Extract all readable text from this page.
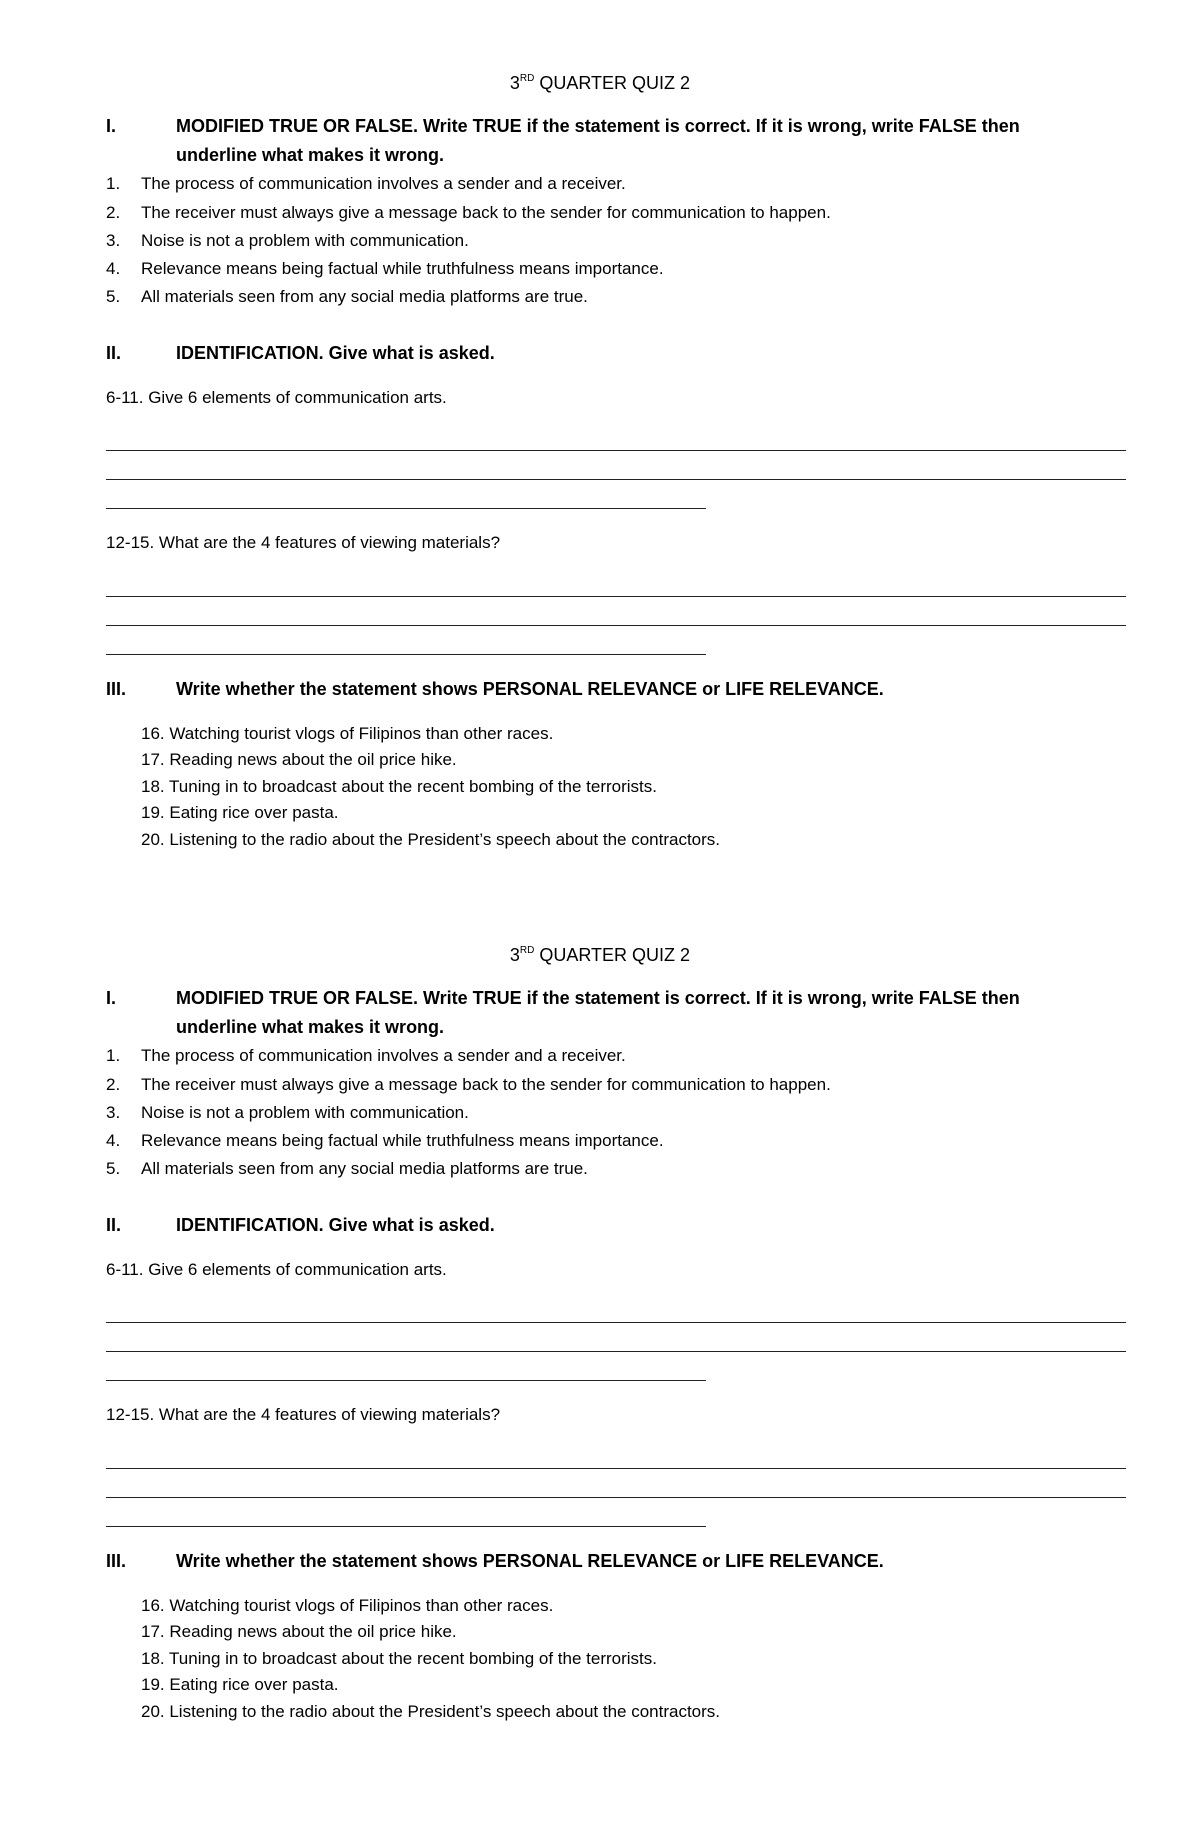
3RD QUARTER QUIZ 2
I.	MODIFIED TRUE OR FALSE. Write TRUE if the statement is correct. If it is wrong, write FALSE then
underline what makes it wrong.
1. The process of communication involves a sender and a receiver.
2. The receiver must always give a message back to the sender for communication to happen.
3. Noise is not a problem with communication.
4. Relevance means being factual while truthfulness means importance.
5. All materials seen from any social media platforms are true.
II.	IDENTIFICATION. Give what is asked.
6-11. Give 6 elements of communication arts.
12-15. What are the 4 features of viewing materials?
III.	Write whether the statement shows PERSONAL RELEVANCE or LIFE RELEVANCE.
16. Watching tourist vlogs of Filipinos than other races.
17. Reading news about the oil price hike.
18. Tuning in to broadcast about the recent bombing of the terrorists.
19. Eating rice over pasta.
20. Listening to the radio about the President’s speech about the contractors.
3RD QUARTER QUIZ 2
I.	MODIFIED TRUE OR FALSE. Write TRUE if the statement is correct. If it is wrong, write FALSE then
underline what makes it wrong.
1. The process of communication involves a sender and a receiver.
2. The receiver must always give a message back to the sender for communication to happen.
3. Noise is not a problem with communication.
4. Relevance means being factual while truthfulness means importance.
5. All materials seen from any social media platforms are true.
II.	IDENTIFICATION. Give what is asked.
6-11. Give 6 elements of communication arts.
12-15. What are the 4 features of viewing materials?
III.	Write whether the statement shows PERSONAL RELEVANCE or LIFE RELEVANCE.
16. Watching tourist vlogs of Filipinos than other races.
17. Reading news about the oil price hike.
18. Tuning in to broadcast about the recent bombing of the terrorists.
19. Eating rice over pasta.
20. Listening to the radio about the President’s speech about the contractors.
